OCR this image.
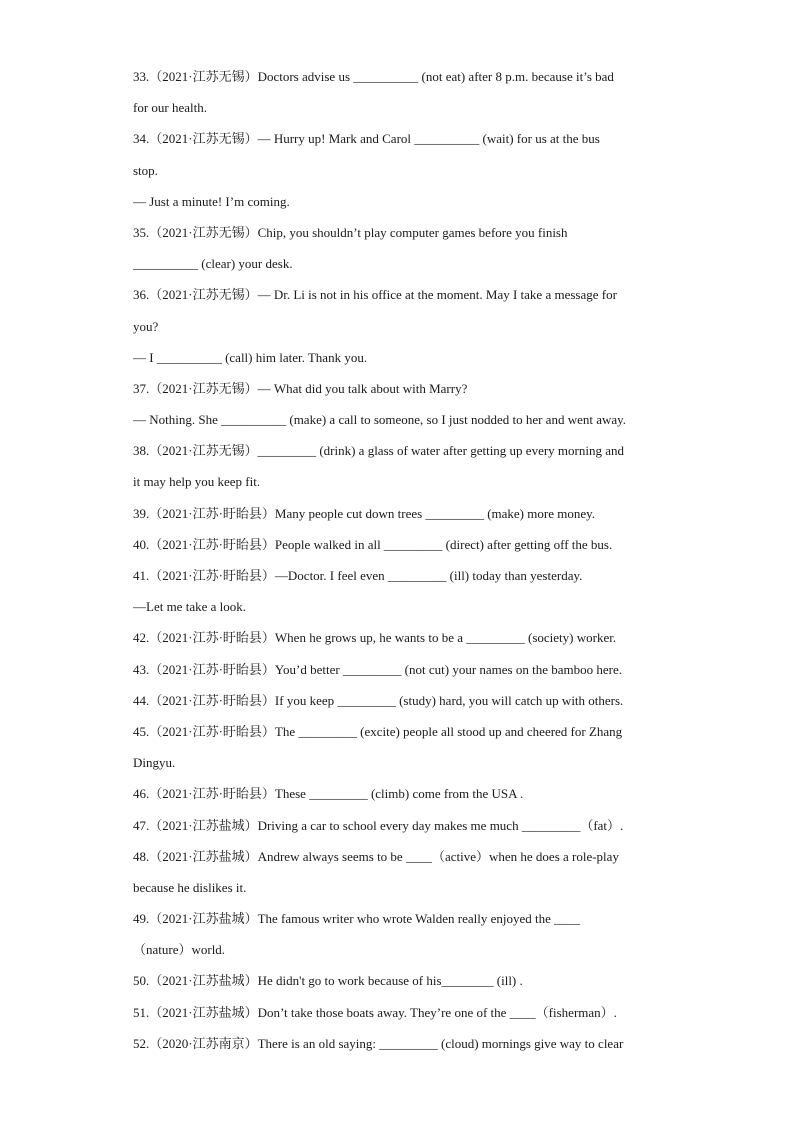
33.（2021·江苏无锡）Doctors advise us __________ (not eat) after 8 p.m. because it’s bad
for our health.
34.（2021·江苏无锡）— Hurry up! Mark and Carol __________ (wait) for us at the bus
stop.
— Just a minute! I’m coming.
35.（2021·江苏无锡）Chip, you shouldn’t play computer games before you finish
__________ (clear) your desk.
36.（2021·江苏无锡）— Dr. Li is not in his office at the moment. May I take a message for
you?
— I __________ (call) him later. Thank you.
37.（2021·江苏无锡）— What did you talk about with Marry?
— Nothing. She __________ (make) a call to someone, so I just nodded to her and went away.
38.（2021·江苏无锡）_________ (drink) a glass of water after getting up every morning and
it may help you keep fit.
39.（2021·江苏·盱眙县）Many people cut down trees _________ (make) more money.
40.（2021·江苏·盱眙县）People walked in all _________ (direct) after getting off the bus.
41.（2021·江苏·盱眙县）—Doctor. I feel even _________ (ill) today than yesterday.
—Let me take a look.
42.（2021·江苏·盱眙县）When he grows up, he wants to be a _________ (society) worker.
43.（2021·江苏·盱眙县）You’d better _________ (not cut) your names on the bamboo here.
44.（2021·江苏·盱眙县）If you keep _________ (study) hard, you will catch up with others.
45.（2021·江苏·盱眙县）The _________ (excite) people all stood up and cheered for Zhang
Dingyu.
46.（2021·江苏·盱眙县）These _________ (climb) come from the USA .
47.（2021·江苏盐城）Driving a car to school every day makes me much _________（fat）.
48.（2021·江苏盐城）Andrew always seems to be ____（active）when he does a role-play
because he dislikes it.
49.（2021·江苏盐城）The famous writer who wrote Walden really enjoyed the ____
（nature）world.
50.（2021·江苏盐城）He didn't go to work because of his________ (ill) .
51.（2021·江苏盐城）Don’t take those boats away. They’re one of the ____（fisherman）.
52.（2020·江苏南京）There is an old saying: _________ (cloud) mornings give way to clear
